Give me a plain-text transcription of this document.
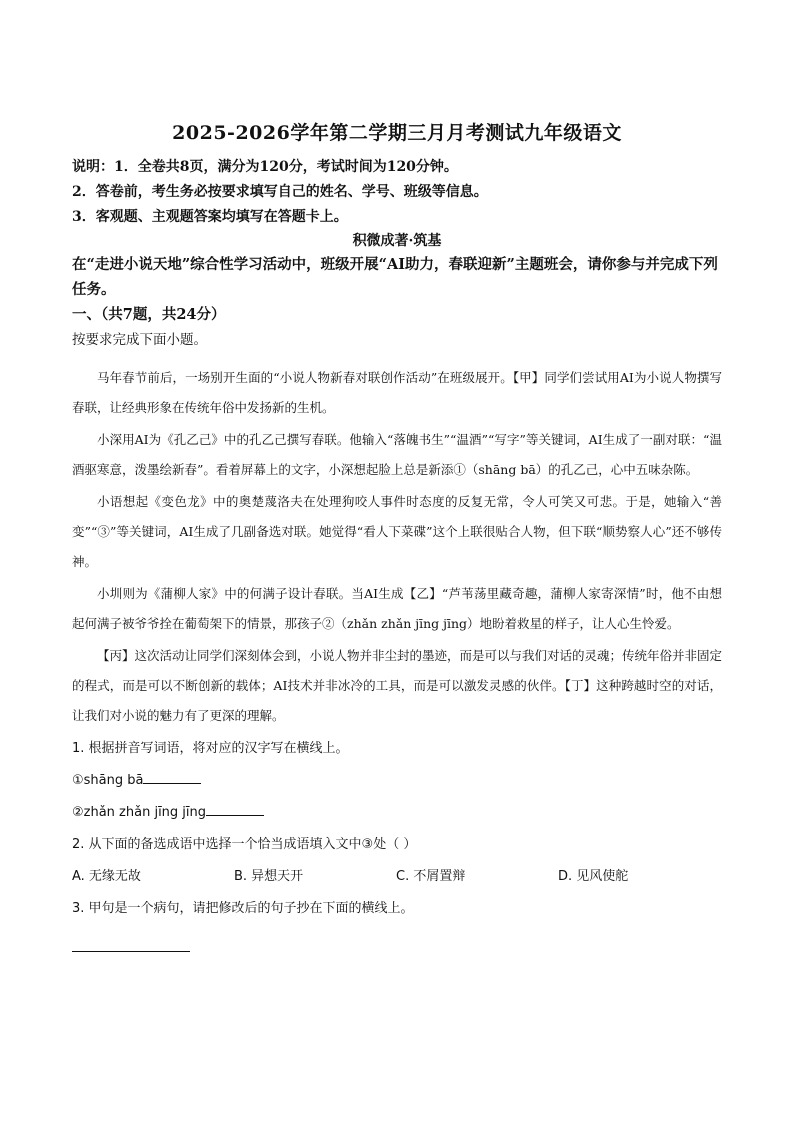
2025-2026学年第二学期三月月考测试九年级语文
说明：1．全卷共8页，满分为120分，考试时间为120分钟。
2．答卷前，考生务必按要求填写自己的姓名、学号、班级等信息。
3．客观题、主观题答案均填写在答题卡上。
积微成著·筑基
在“走进小说天地”综合性学习活动中，班级开展“AI助力，春联迎新”主题班会，请你参与并完成下列任务。
一、（共7题，共24分）
按要求完成下面小题。

马年春节前后，一场别开生面的“小说人物新春对联创作活动”在班级展开。【甲】同学们尝试用AI为小说人物撰写春联，让经典形象在传统年俗中发扬新的生机。

小深用AI为《孔乙己》中的孔乙己撰写春联。他输入“落魄书生”“温酒”“写字”等关键词，AI生成了一副对联：“温酒驱寒意，泼墨绘新春”。看着屏幕上的文字，小深想起脸上总是新添①（shāng bā）的孔乙己，心中五味杂陈。

小语想起《变色龙》中的奥楚蔑洛夫在处理狗咬人事件时态度的反复无常，令人可笑又可悲。于是，她输入“善变”“③”等关键词，AI生成了几副备选对联。她觉得“看人下菜碟”这个上联很贴合人物，但下联“顺势察人心”还不够传神。

小圳则为《蒲柳人家》中的何满子设计春联。当AI生成【乙】“芦苇荡里藏奇趣，蒲柳人家寄深情”时，他不由想起何满子被爷爷拴在葡萄架下的情景，那孩子②（zhǎn zhǎn jīng jīng）地盼着救星的样子，让人心生怜爱。

【丙】这次活动让同学们深刻体会到，小说人物并非尘封的墨迹，而是可以与我们对话的灵魂；传统年俗并非固定的程式，而是可以不断创新的载体；AI技术并非冰冷的工具，而是可以激发灵感的伙伴。【丁】这种跨越时空的对话，让我们对小说的魅力有了更深的理解。

1. 根据拼音写词语，将对应的汉字写在横线上。
①shāng bā
②zhǎn zhǎn jīng jīng
2. 从下面的备选成语中选择一个恰当成语填入文中③处（ ）
A. 无缘无故	B. 异想天开	C. 不屑置辩	D. 见风使舵
3. 甲句是一个病句，请把修改后的句子抄在下面的横线上。
